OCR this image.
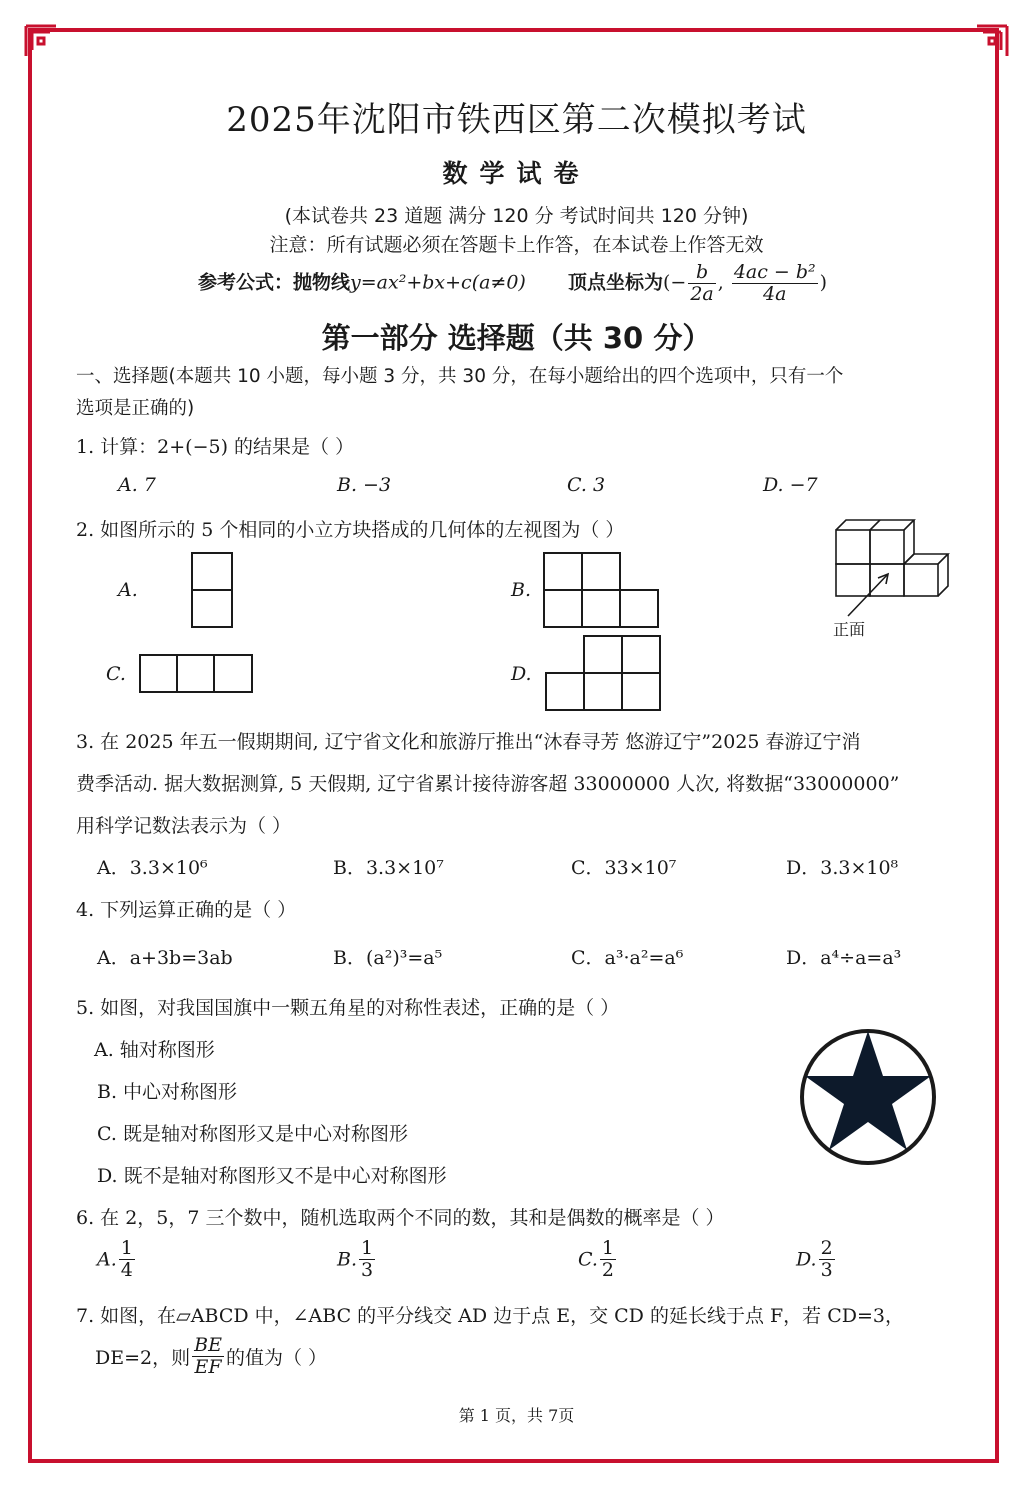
2025年沈阳市铁西区第二次模拟考试
数学试卷
(本试卷共 23 道题 满分 120 分 考试时间共 120 分钟)
注意：所有试题必须在答题卡上作答，在本试卷上作答无效
参考公式：抛物线y=ax²+bx+c(a≠0) 顶点坐标为(− $\frac{b}{2a}$ , $\frac{\text{4ac − b²}}{4a}$ )
第一部分 选择题（共 30 分）
一、选择题(本题共 10 小题，每小题 3 分，共 30 分，在每小题给出的四个选项中，只有一个
选项是正确的)
1. 计算：2+(−5) 的结果是（ ）
A. 7	B. −3	C. 3	D. −7
2. 如图所示的 5 个相同的小立方块搭成的几何体的左视图为（ ）
A.	B.
C.	D.
正面
3. 在 2025 年五一假期期间, 辽宁省文化和旅游厅推出“沐春寻芳 悠游辽宁”2025 春游辽宁消
费季活动. 据大数据测算, 5 天假期, 辽宁省累计接待游客超 33000000 人次, 将数据“33000000”
用科学记数法表示为（ ）
A．3.3×10⁶	B．3.3×10⁷	C．33×10⁷	D．3.3×10⁸
4. 下列运算正确的是（ ）
A．a+3b=3ab	B．(a²)³=a⁵	C．a³·a²=a⁶	D．a⁴÷a=a³
5. 如图，对我国国旗中一颗五角星的对称性表述，正确的是（ ）
A. 轴对称图形
B. 中心对称图形
C. 既是轴对称图形又是中心对称图形
D. 既不是轴对称图形又不是中心对称图形
6. 在 2，5，7 三个数中，随机选取两个不同的数，其和是偶数的概率是（ ）
A. $\frac{1}{4}$	B. $\frac{1}{3}$	C. $\frac{1}{2}$	D. $\frac{2}{3}$
7. 如图，在▱ABCD 中，∠ABC 的平分线交 AD 边于点 E，交 CD 的延长线于点 F，若 CD=3，
DE=2，则 $\frac{BE}{EF}$ 的值为（ ）
第 1 页，共 7页
